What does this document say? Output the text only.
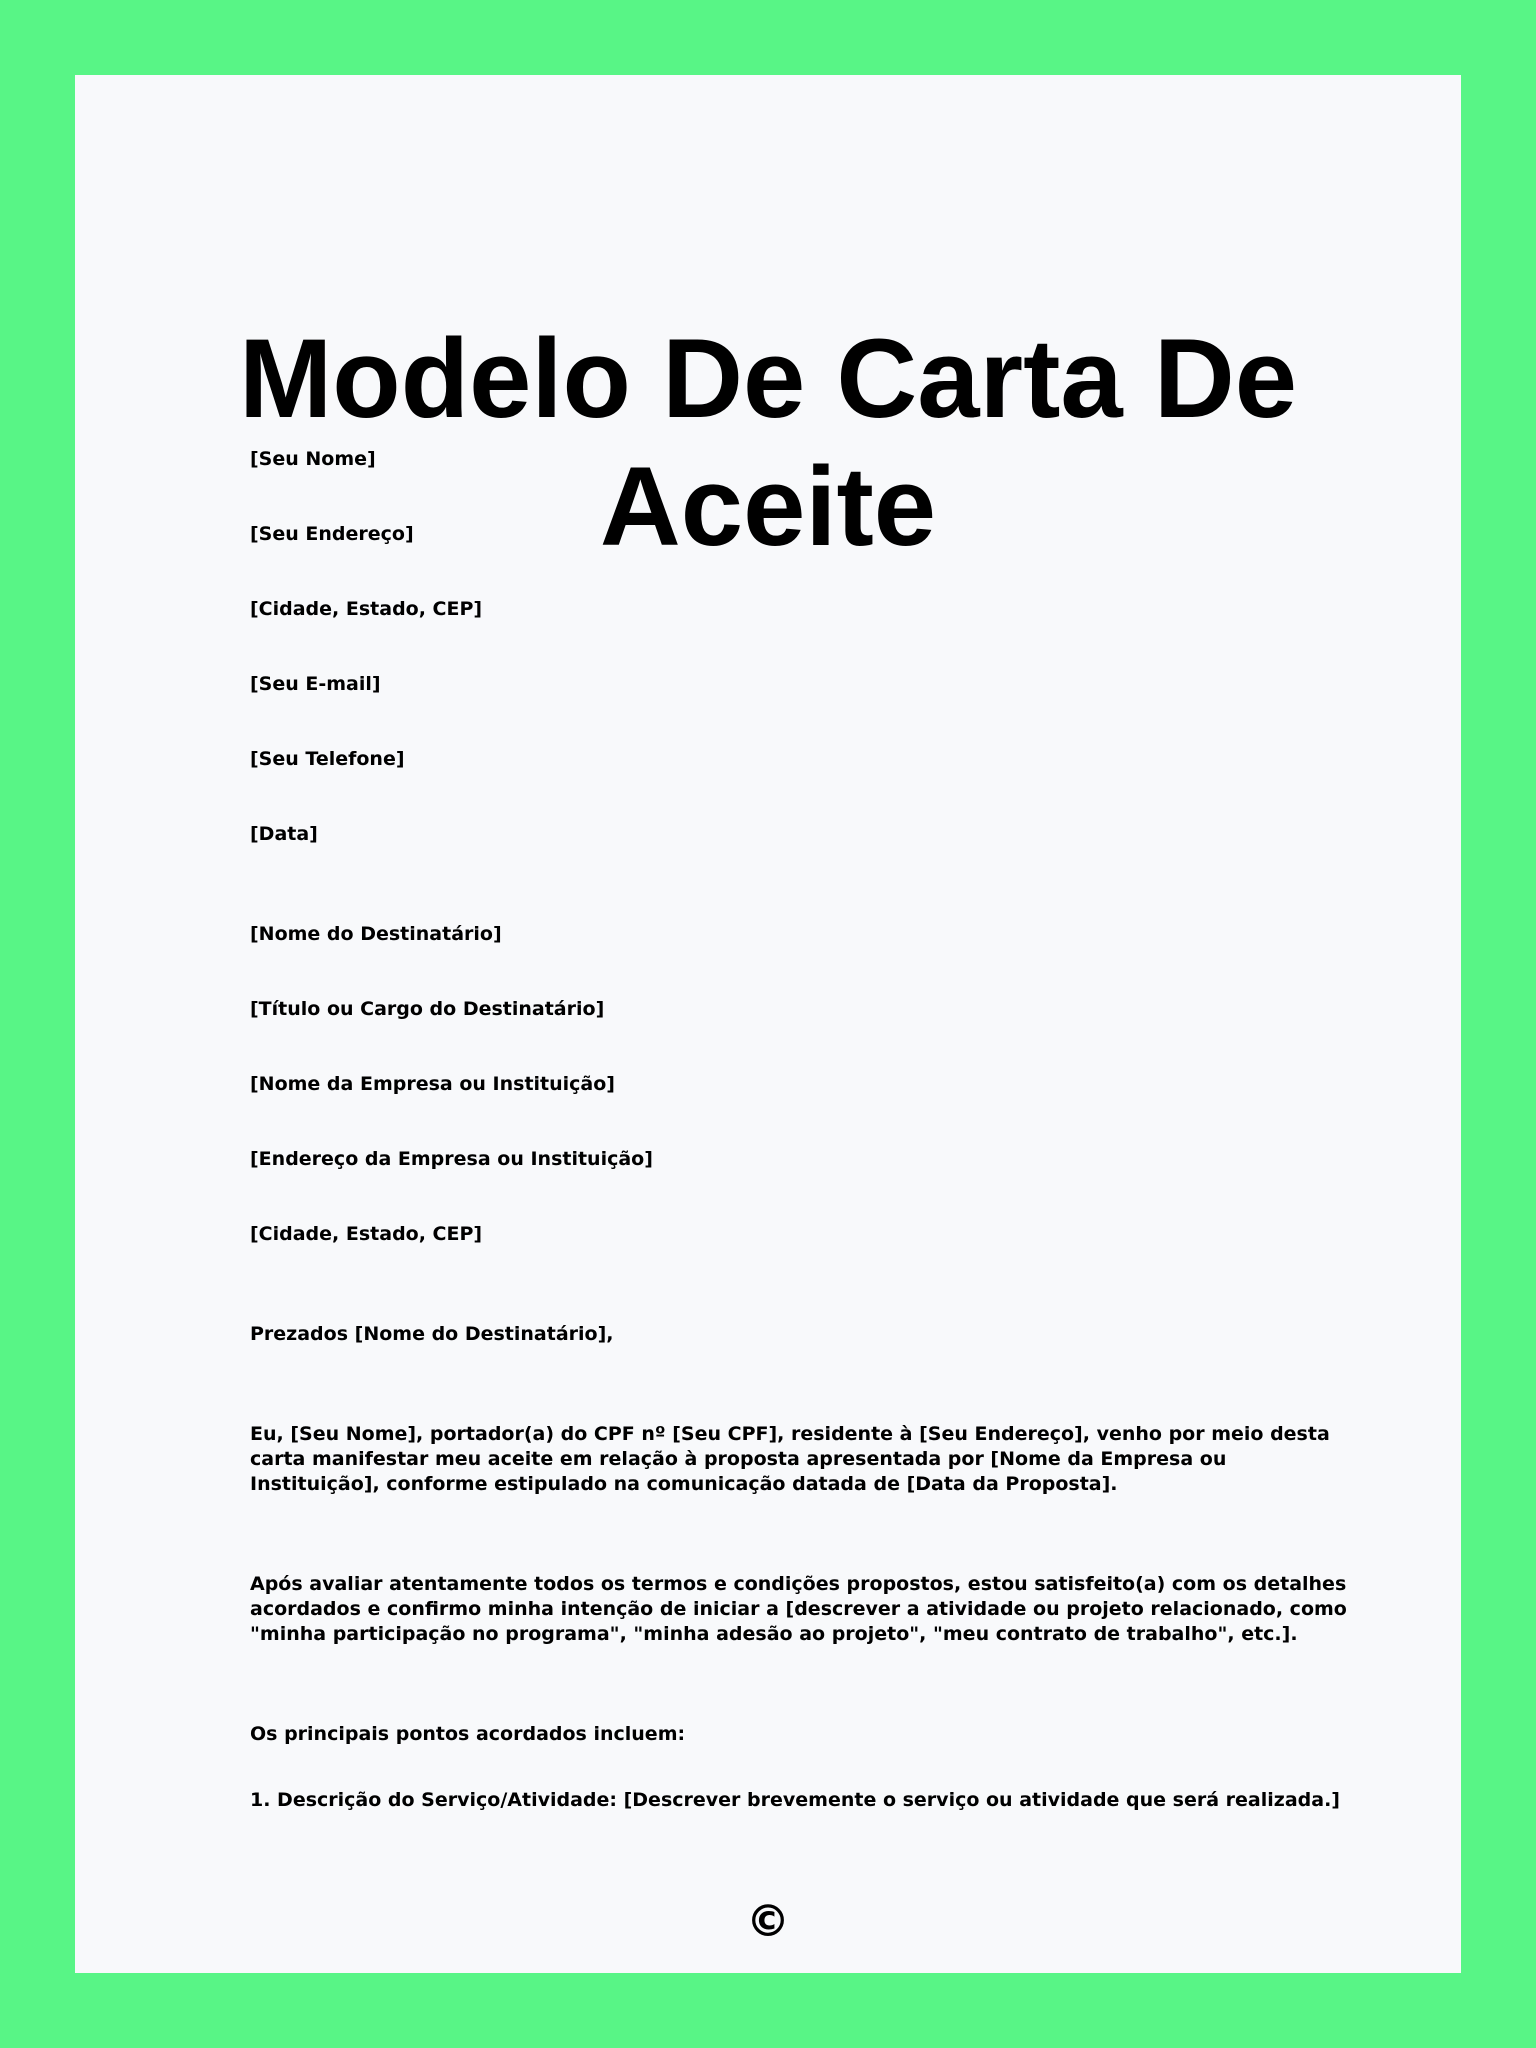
Modelo De Carta De Aceite

[Seu Nome]

[Seu Endereço]

[Cidade, Estado, CEP]

[Seu E-mail]

[Seu Telefone]

[Data]

[Nome do Destinatário]

[Título ou Cargo do Destinatário]

[Nome da Empresa ou Instituição]

[Endereço da Empresa ou Instituição]

[Cidade, Estado, CEP]

Prezados [Nome do Destinatário],

Eu, [Seu Nome], portador(a) do CPF nº [Seu CPF], residente à [Seu Endereço], venho por meio desta carta manifestar meu aceite em relação à proposta apresentada por [Nome da Empresa ou Instituição], conforme estipulado na comunicação datada de [Data da Proposta].

Após avaliar atentamente todos os termos e condições propostos, estou satisfeito(a) com os detalhes acordados e confirmo minha intenção de iniciar a [descrever a atividade ou projeto relacionado, como "minha participação no programa", "minha adesão ao projeto", "meu contrato de trabalho", etc.].

Os principais pontos acordados incluem:

1. Descrição do Serviço/Atividade: [Descrever brevemente o serviço ou atividade que será realizada.]

©
